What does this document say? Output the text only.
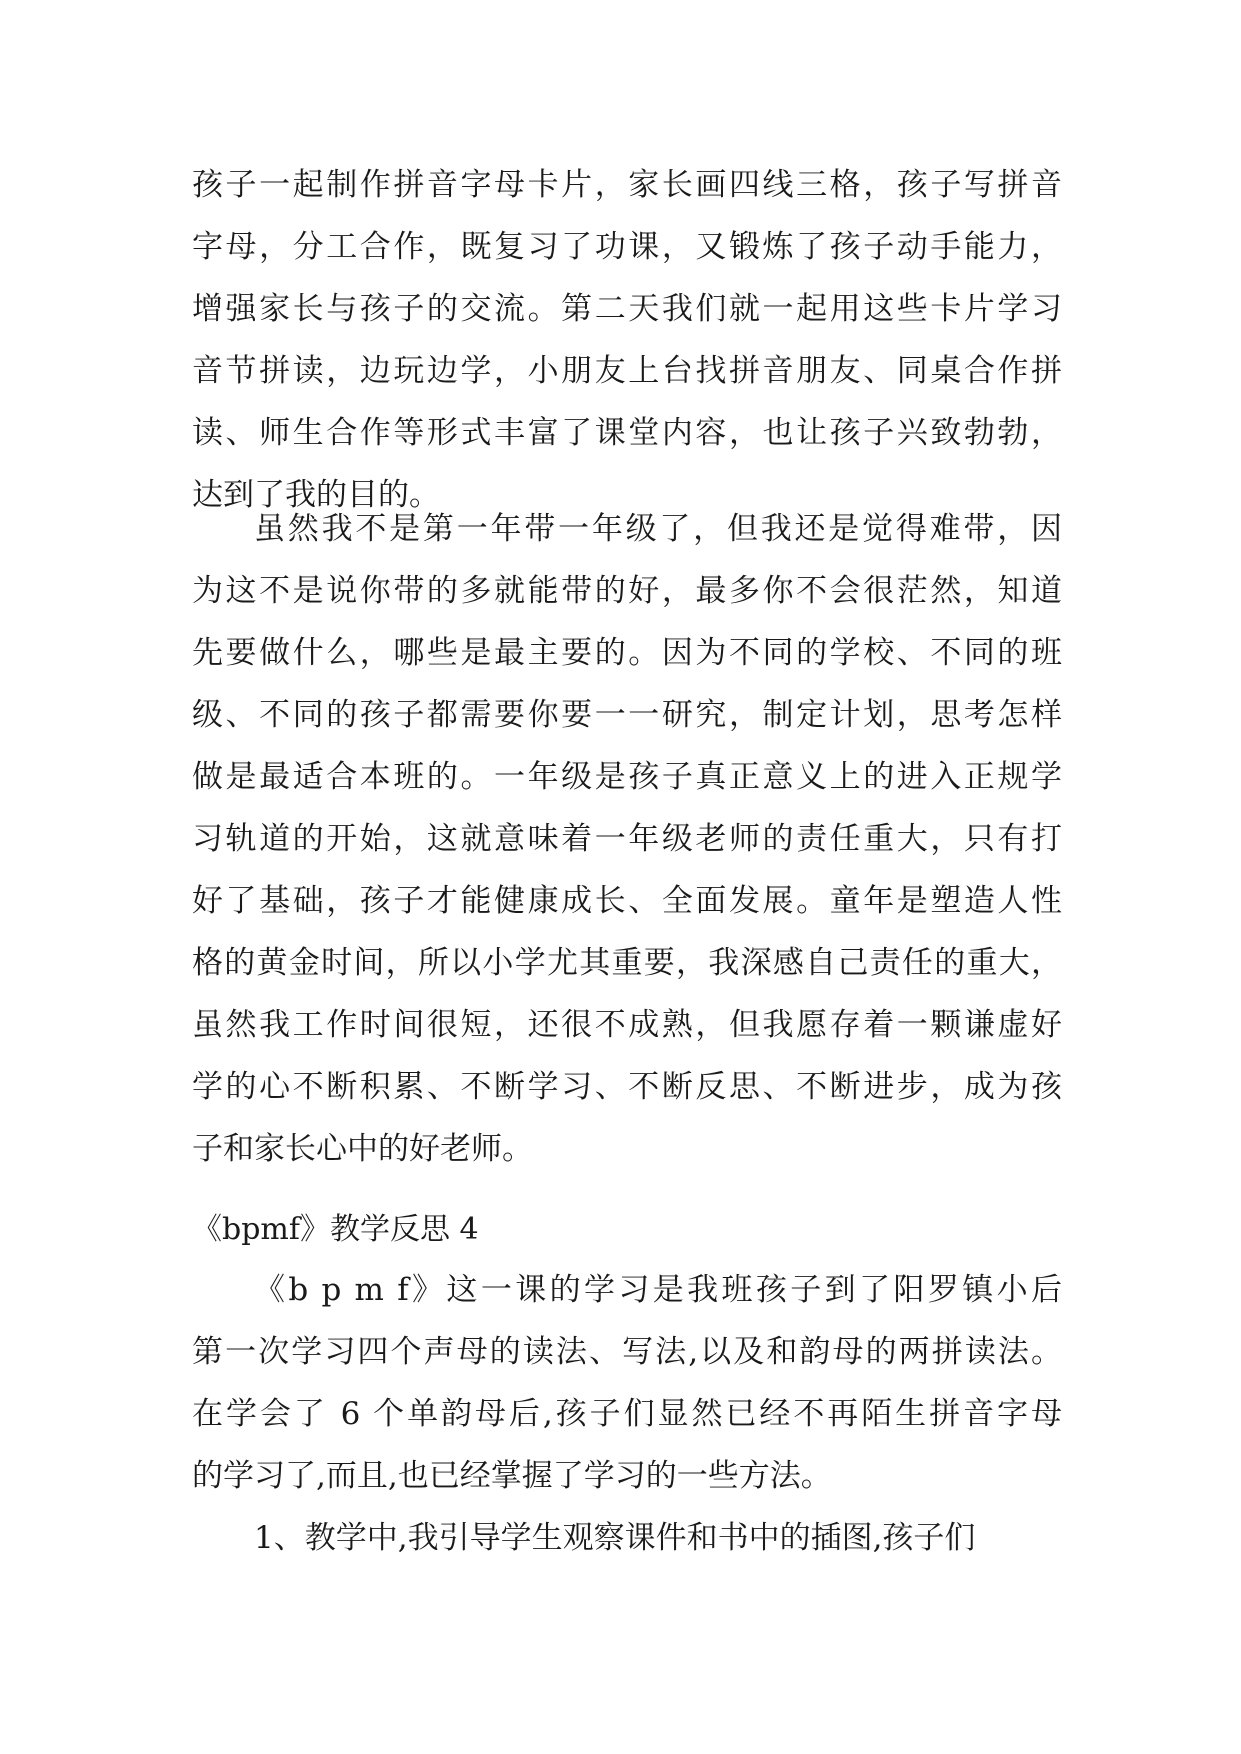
孩子一起制作拼音字母卡片，家长画四线三格，孩子写拼音
字母，分工合作，既复习了功课，又锻炼了孩子动手能力，
增强家长与孩子的交流。第二天我们就一起用这些卡片学习
音节拼读，边玩边学，小朋友上台找拼音朋友、同桌合作拼
读、师生合作等形式丰富了课堂内容，也让孩子兴致勃勃，
达到了我的目的。
虽然我不是第一年带一年级了，但我还是觉得难带，因
为这不是说你带的多就能带的好，最多你不会很茫然，知道
先要做什么，哪些是最主要的。因为不同的学校、不同的班
级、不同的孩子都需要你要一一研究，制定计划，思考怎样
做是最适合本班的。一年级是孩子真正意义上的进入正规学
习轨道的开始，这就意味着一年级老师的责任重大，只有打
好了基础，孩子才能健康成长、全面发展。童年是塑造人性
格的黄金时间，所以小学尤其重要，我深感自己责任的重大，
虽然我工作时间很短，还很不成熟，但我愿存着一颗谦虚好
学的心不断积累、不断学习、不断反思、不断进步，成为孩
子和家长心中的好老师。
《bpmf》教学反思 4
《b p m f》这一课的学习是我班孩子到了阳罗镇小后
第一次学习四个声母的读法、写法,以及和韵母的两拼读法。
在学会了 6 个单韵母后,孩子们显然已经不再陌生拼音字母
的学习了,而且,也已经掌握了学习的一些方法。
1、教学中,我引导学生观察课件和书中的插图,孩子们
